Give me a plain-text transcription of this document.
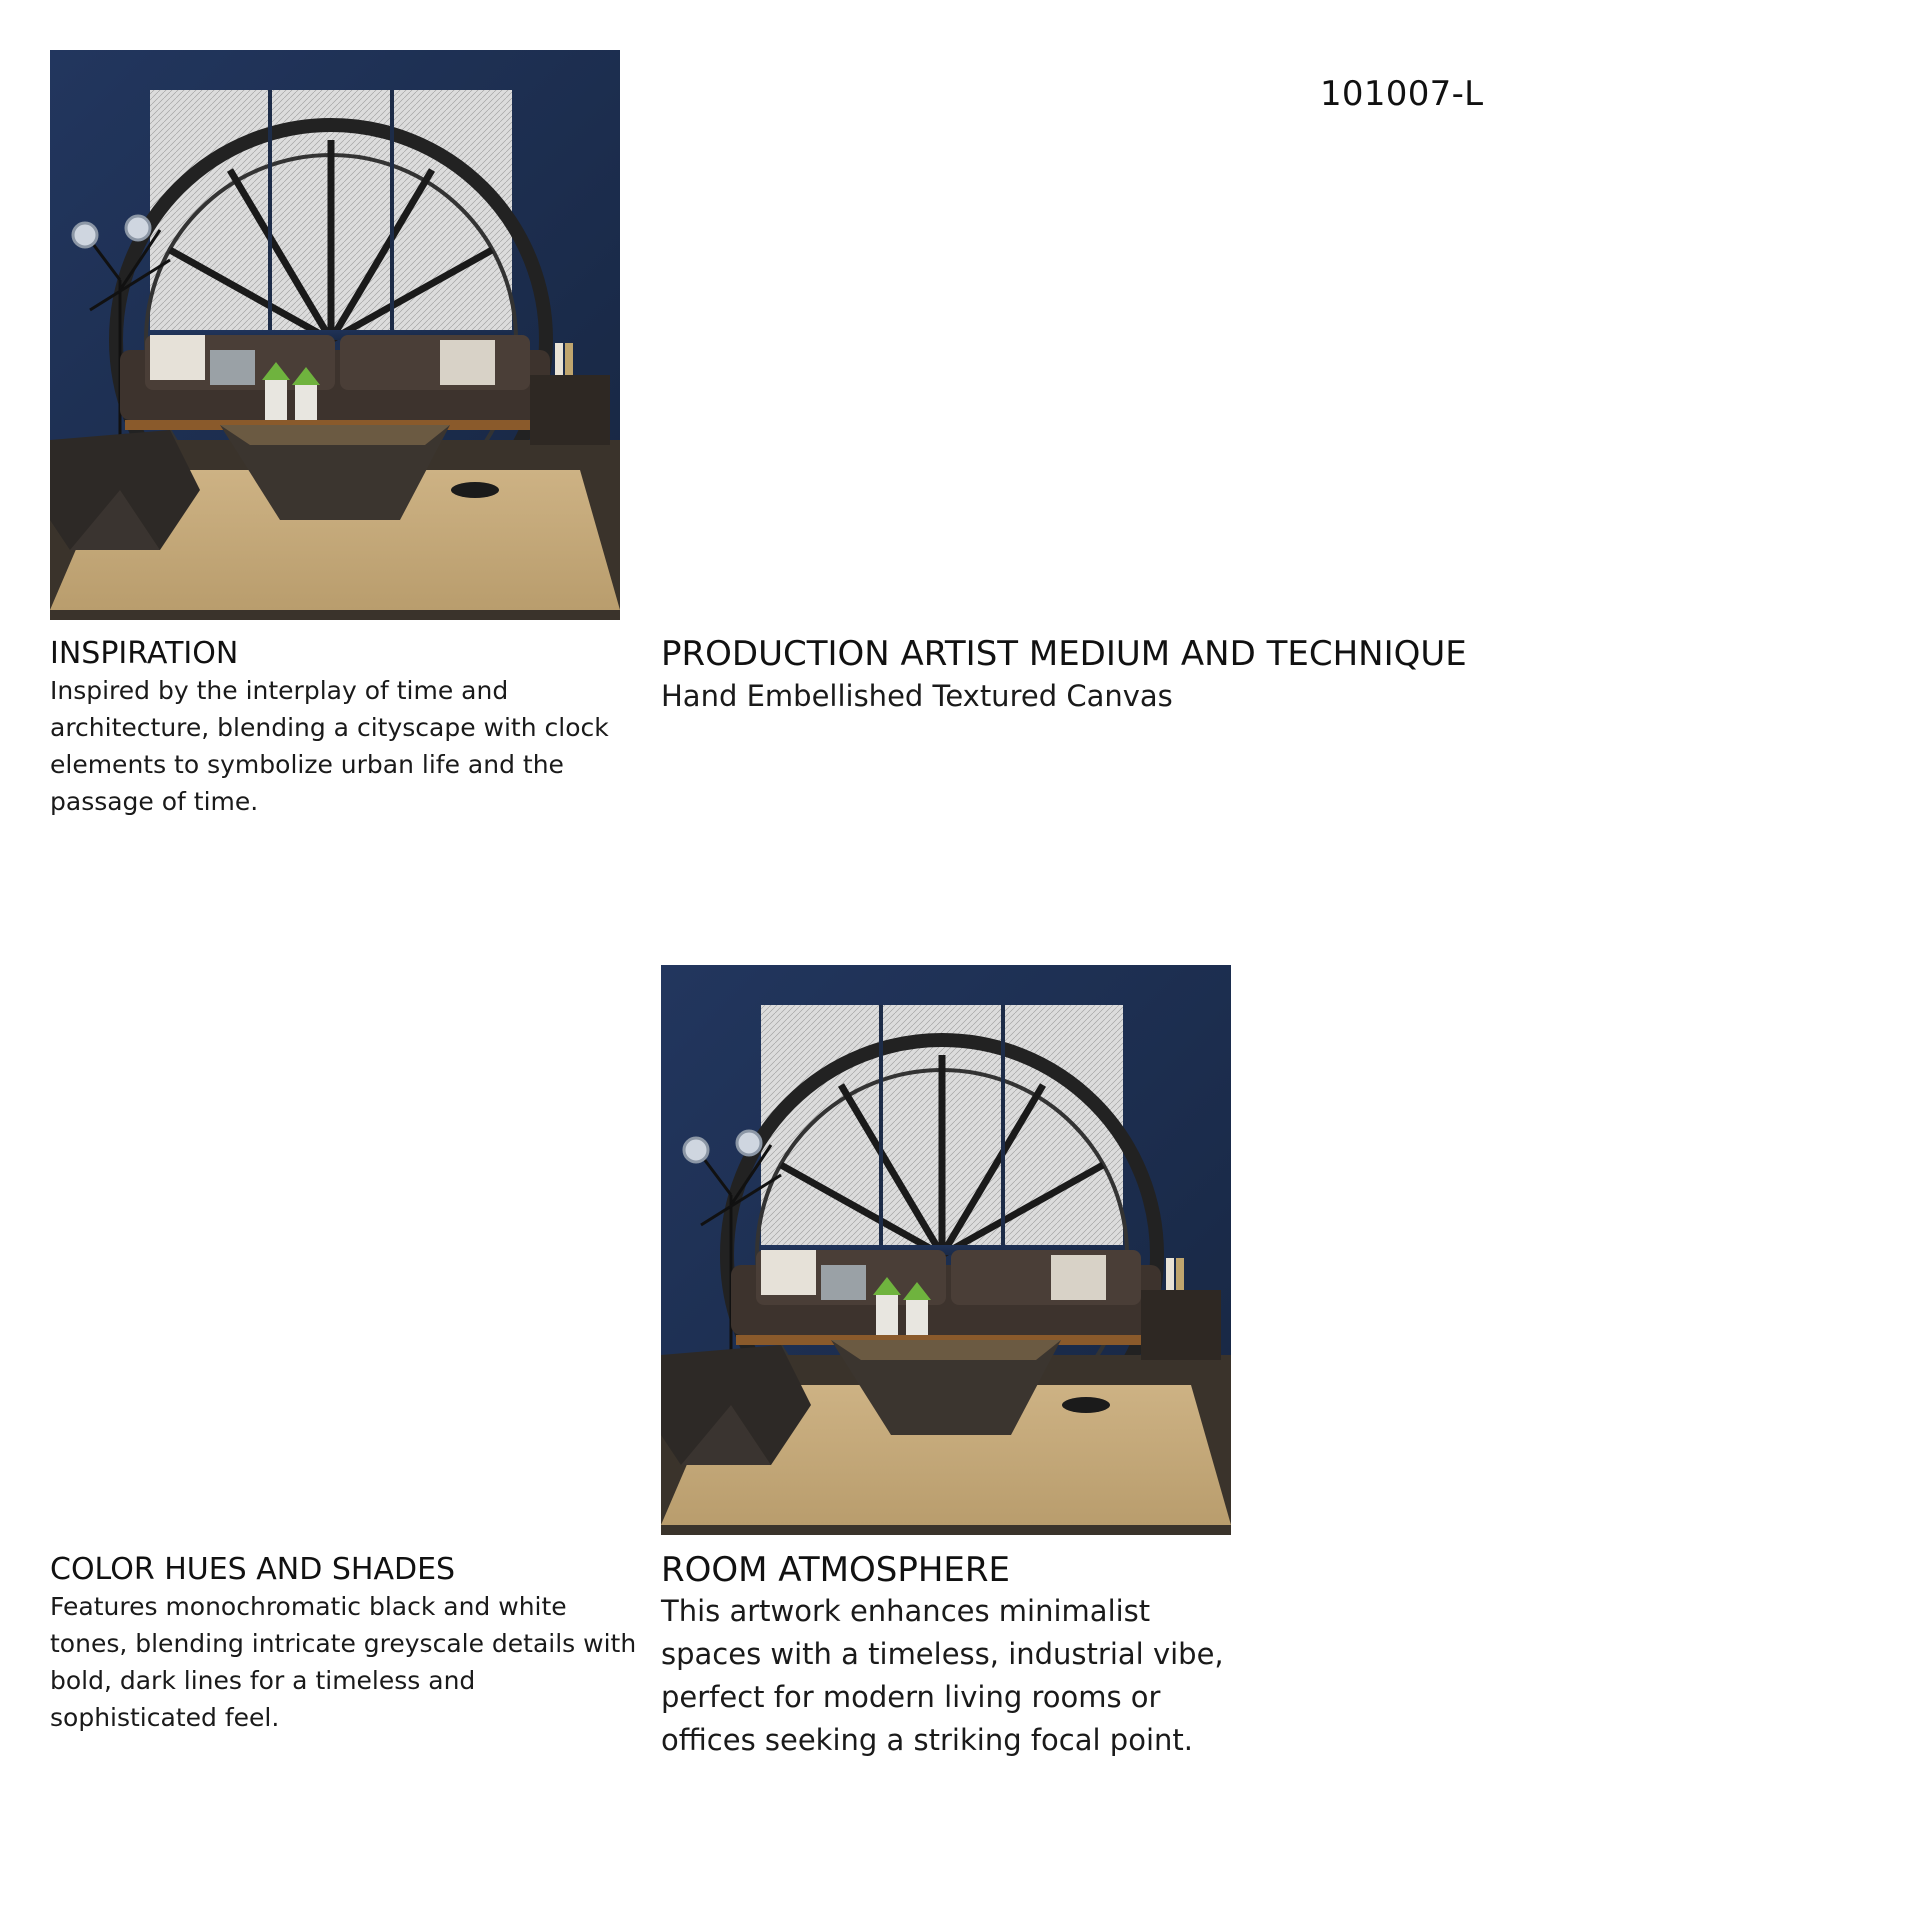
101007-L
INSPIRATION

Inspired by the interplay of time and architecture, blending a cityscape with clock elements to symbolize urban life and the passage of time.

PRODUCTION ARTIST MEDIUM AND TECHNIQUE

Hand Embellished Textured Canvas

COLOR HUES AND SHADES

Features monochromatic black and white tones, blending intricate greyscale details with bold, dark lines for a timeless and sophisticated feel.

ROOM ATMOSPHERE

This artwork enhances minimalist spaces with a timeless, industrial vibe, perfect for modern living rooms or offices seeking a striking focal point.
